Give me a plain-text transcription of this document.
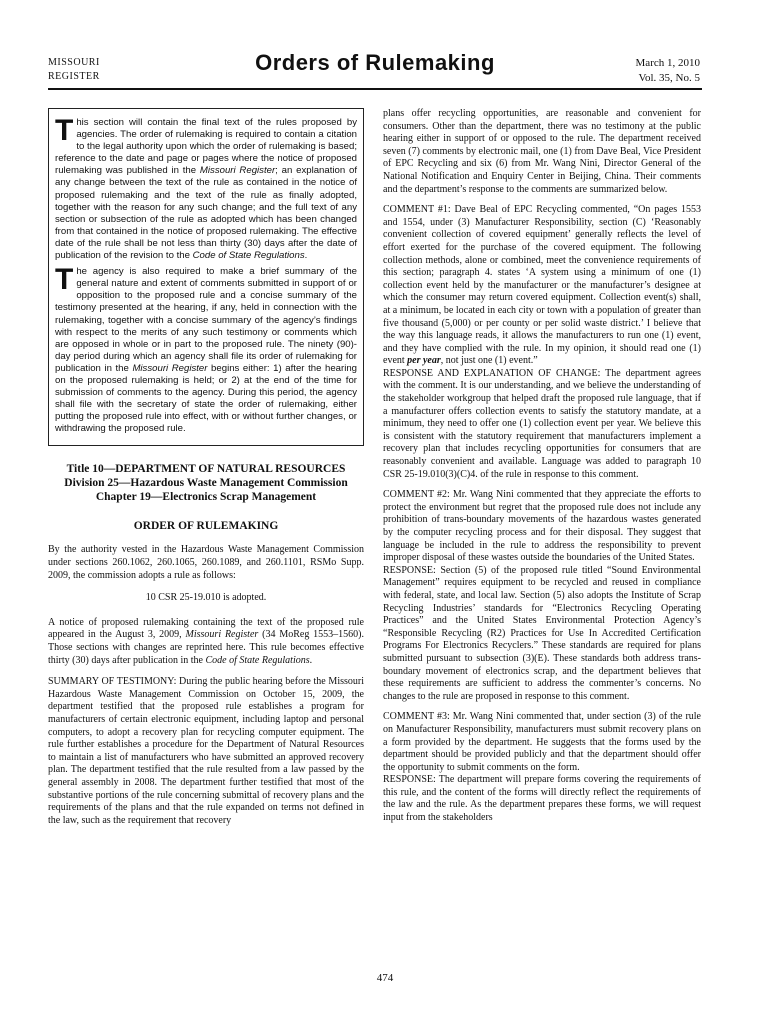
MISSOURI
REGISTER
Orders of Rulemaking	March 1, 2010
Vol. 35, No. 5

This section will contain the final text of the rules proposed by agencies. The order of rulemaking is required to contain a citation to the legal authority upon which the order of rulemaking is based; reference to the date and page or pages where the notice of proposed rulemaking was published in the Missouri Register; an explanation of any change between the text of the rule as contained in the notice of proposed rulemaking and the text of the rule as finally adopted, together with the reason for any such change; and the full text of any section or subsection of the rule as adopted which has been changed from that contained in the notice of proposed rulemaking. The effective date of the rule shall be not less than thirty (30) days after the date of publication of the revision to the Code of State Regulations.

The agency is also required to make a brief summary of the general nature and extent of comments submitted in support of or opposition to the proposed rule and a concise summary of the testimony presented at the hearing, if any, held in connection with the rulemaking, together with a concise summary of the agency’s findings with respect to the merits of any such testimony or comments which are opposed in whole or in part to the proposed rule. The ninety (90)-day period during which an agency shall file its order of rulemaking for publication in the Missouri Register begins either: 1) after the hearing on the proposed rulemaking is held; or 2) at the end of the time for submission of comments to the agency. During this period, the agency shall file with the secretary of state the order of rulemaking, either putting the proposed rule into effect, with or without further changes, or withdrawing the proposed rule.

Title 10—DEPARTMENT OF NATURAL RESOURCES
Division 25—Hazardous Waste Management Commission
Chapter 19—Electronics Scrap Management
ORDER OF RULEMAKING

By the authority vested in the Hazardous Waste Management Commission under sections 260.1062, 260.1065, 260.1089, and 260.1101, RSMo Supp. 2009, the commission adopts a rule as follows:

10 CSR 25-19.010 is adopted.

A notice of proposed rulemaking containing the text of the proposed rule appeared in the August 3, 2009, Missouri Register (34 MoReg 1553–1560). Those sections with changes are reprinted here. This rule becomes effective thirty (30) days after publication in the Code of State Regulations.

SUMMARY OF TESTIMONY: During the public hearing before the Missouri Hazardous Waste Management Commission on October 15, 2009, the department testified that the proposed rule establishes a program for manufacturers of certain electronic equipment, including laptop and personal computers, to adopt a recovery plan for recycling computer equipment. The rule further establishes a procedure for the Department of Natural Resources to maintain a list of manufacturers who have submitted an approved recovery plan. The department testified that the rule resulted from a law passed by the general assembly in 2008. The department further testified that most of the substantive portions of the rule concerning submittal of recovery plans and the requirements of the plans and that the rule expanded on terms not defined in the law, such as the requirement that recovery

plans offer recycling opportunities, are reasonable and convenient for consumers. Other than the department, there was no testimony at the public hearing either in support of or opposed to the rule. The department received seven (7) comments by electronic mail, one (1) from Dave Beal, Vice President of EPC Recycling and six (6) from Mr. Wang Nini, Director General of the National Notification and Enquiry Center in Beijing, China. Their comments and the department’s response to the comments are summarized below.

COMMENT #1: Dave Beal of EPC Recycling commented, “On pages 1553 and 1554, under (3) Manufacturer Responsibility, section (C) ‘Reasonably convenient collection of covered equipment’ generally reflects the level of effort exerted for the purchase of the covered equipment. The following collection methods, alone or combined, meet the convenience requirements of this section; paragraph 4. states ‘A system using a minimum of one (1) collection event held by the manufacturer or the manufacturer’s designee at which the consumer may return covered equipment. Collection event(s) shall, at a minimum, be located in each city or town with a population of greater than five thousand (5,000) or per county or per solid waste district.’ I believe that the way this language reads, it allows the manufacturers to run one (1) event, and they have complied with the rule. In my opinion, it should read one (1) event per year, not just one (1) event.”

RESPONSE AND EXPLANATION OF CHANGE: The department agrees with the comment. It is our understanding, and we believe the understanding of the stakeholder workgroup that helped draft the proposed rule language, that if a manufacturer offers collection events to satisfy the statutory mandate, at a minimum, they need to offer one (1) collection event per year. We believe this is consistent with the statutory requirement that manufacturers implement a recovery plan that includes recycling opportunities for consumers that are reasonably convenient and available. Language was added to paragraph 10 CSR 25-19.010(3)(C)4. of the rule in response to this comment.

COMMENT #2: Mr. Wang Nini commented that they appreciate the efforts to protect the environment but regret that the proposed rule does not include any prohibition of trans-boundary movements of the hazardous wastes generated by the computer recycling process and for their disposal. They suggest that language be included in the rule to address the responsibility to prevent improper disposal of these wastes outside the boundaries of the United States.

RESPONSE: Section (5) of the proposed rule titled “Sound Environmental Management” requires equipment to be recycled and reused in compliance with federal, state, and local law. Section (5) also adopts the Institute of Scrap Recycling Industries’ standards for “Electronics Recycling Operating Practices” and the United States Environmental Protection Agency’s “Responsible Recycling (R2) Practices for Use In Accredited Certification Programs For Electronics Recyclers.” These standards are required for plans submitted pursuant to subsection (3)(E). These standards both address trans-boundary movement of electronics scrap, and the department believes that these requirements are sufficient to address the commenter’s concerns. No changes to the rule are proposed in response to this comment.

COMMENT #3: Mr. Wang Nini commented that, under section (3) of the rule on Manufacturer Responsibility, manufacturers must submit recovery plans on a form provided by the department. He suggests that the forms used by the department should be provided publicly and that the department should offer the opportunity to submit comments on the form.

RESPONSE: The department will prepare forms covering the requirements of this rule, and the content of the forms will directly reflect the requirements of the law and the rule. As the department prepares these forms, we will request input from the stakeholders

474
